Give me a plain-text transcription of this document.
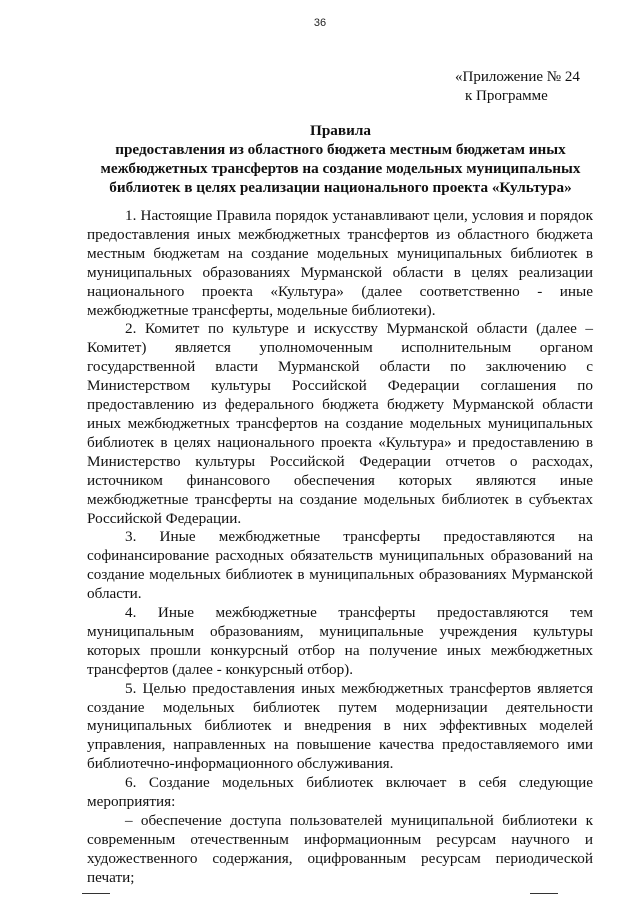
36
«Приложение № 24
к Программе
Правила
предоставления из областного бюджета местным бюджетам иных межбюджетных трансфертов на создание модельных муниципальных библиотек в целях реализации национального проекта «Культура»

1. Настоящие Правила порядок устанавливают цели, условия и порядок предоставления иных межбюджетных трансфертов из областного бюджета местным бюджетам на создание модельных муниципальных библиотек в муниципальных образованиях Мурманской области в целях реализации национального проекта «Культура» (далее соответственно - иные межбюджетные трансферты, модельные библиотеки).

2. Комитет по культуре и искусству Мурманской области (далее – Комитет) является уполномоченным исполнительным органом государственной власти Мурманской области по заключению с Министерством культуры Российской Федерации соглашения по предоставлению из федерального бюджета бюджету Мурманской области иных межбюджетных трансфертов на создание модельных муниципальных библиотек в целях национального проекта «Культура» и предоставлению в Министерство культуры Российской Федерации отчетов о расходах, источником финансового обеспечения которых являются иные межбюджетные трансферты на создание модельных библиотек в субъектах Российской Федерации.

3. Иные межбюджетные трансферты предоставляются на софинансирование расходных обязательств муниципальных образований на создание модельных библиотек в муниципальных образованиях Мурманской области.

4. Иные межбюджетные трансферты предоставляются тем муниципальным образованиям, муниципальные учреждения культуры которых прошли конкурсный отбор на получение иных межбюджетных трансфертов (далее - конкурсный отбор).

5. Целью предоставления иных межбюджетных трансфертов является создание модельных библиотек путем модернизации деятельности муниципальных библиотек и внедрения в них эффективных моделей управления, направленных на повышение качества предоставляемого ими библиотечно-информационного обслуживания.

6. Создание модельных библиотек включает в себя следующие мероприятия:

– обеспечение доступа пользователей муниципальной библиотеки к современным отечественным информационным ресурсам научного и художественного содержания, оцифрованным ресурсам периодической печати;
